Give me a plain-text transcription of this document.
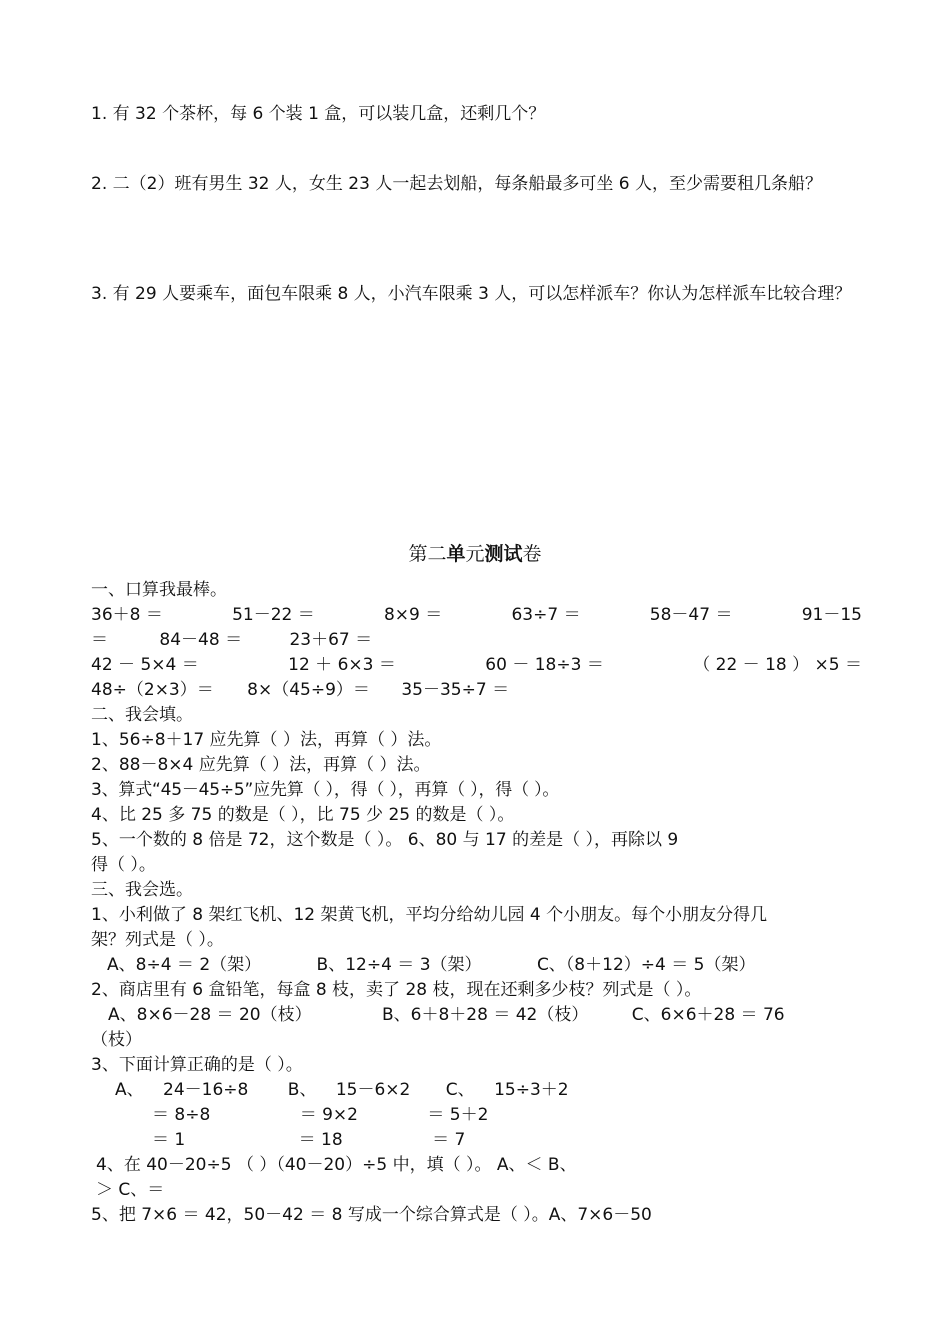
1. 有 32 个茶杯，每 6 个装 1 盒，可以装几盒，还剩几个？
2. 二（2）班有男生 32 人，女生 23 人一起去划船，每条船最多可坐 6 人，至少需要租几条船？
3. 有 29 人要乘车，面包车限乘 8 人，小汽车限乘 3 人，可以怎样派车？你认为怎样派车比较合理？
第二单元测试卷
一、口算我最棒。
36＋8 ＝	51－22 ＝	8×9 ＝	63÷7 ＝	58－47 ＝	91－15
＝	84－48 ＝	23＋67 ＝
42 － 5×4 ＝	12 ＋ 6×3 ＝	60 － 18÷3 ＝	（ 22 － 18 ） ×5 ＝
48÷（2×3）＝ 8×（45÷9）＝ 35－35÷7 ＝
二、我会填。
1、56÷8＋17 应先算（ ）法，再算（ ）法。
2、88－8×4 应先算（ ）法，再算（ ）法。
3、算式“45－45÷5”应先算（ ），得（ ），再算（ ），得（ ）。
4、比 25 多 75 的数是（ ），比 75 少 25 的数是（ ）。
5、一个数的 8 倍是 72，这个数是（ ）。 6、80 与 17 的差是（ ），再除以 9
得（ ）。
三、我会选。
1、小利做了 8 架红飞机、12 架黄飞机，平均分给幼儿园 4 个小朋友。每个小朋友分得几
架？列式是（ ）。
A、8÷4 ＝ 2（架）	B、12÷4 ＝ 3（架）	C、（8＋12）÷4 ＝ 5（架）
2、商店里有 6 盒铅笔，每盒 8 枝，卖了 28 枝，现在还剩多少枝？列式是（ ）。
A、8×6－28 ＝ 20（枝）	B、6＋8＋28 ＝ 42（枝）	C、6×6＋28 ＝ 76
（枝）
3、下面计算正确的是（ ）。
A、 24－16÷8 B、 15－6×2 C、 15÷3＋2
＝ 8÷8	＝ 9×2	＝ 5＋2
＝ 1	＝ 18	＝ 7
4、在 40－20÷5 （ ）（40－20）÷5 中，填（ ）。 A、＜ B、
＞ C、＝
5、把 7×6 ＝ 42，50－42 ＝ 8 写成一个综合算式是（ ）。A、7×6－50
